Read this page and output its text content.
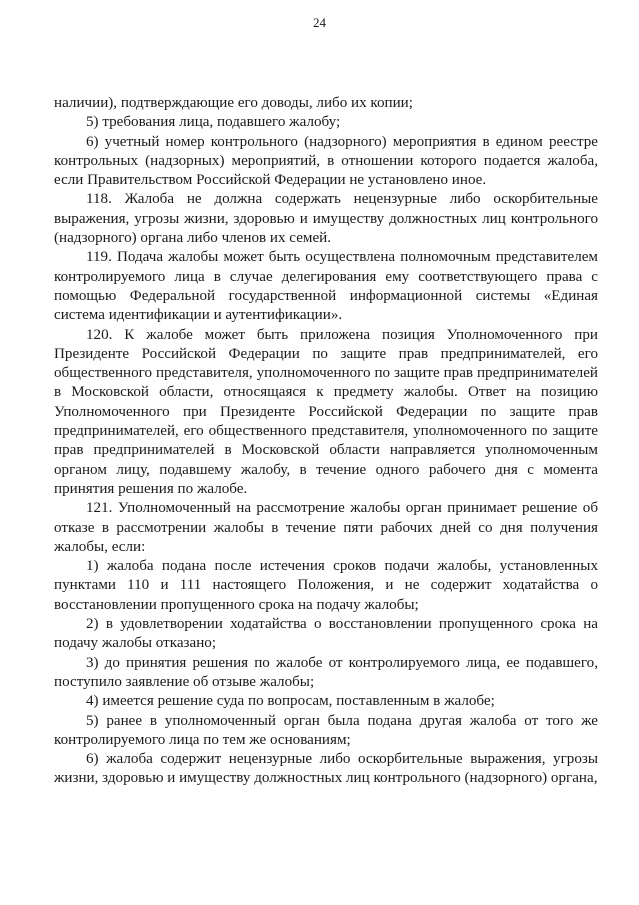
24

наличии), подтверждающие его доводы, либо их копии;

5) требования лица, подавшего жалобу;

6) учетный номер контрольного (надзорного) мероприятия в едином реестре контрольных (надзорных) мероприятий, в отношении которого подается жалоба, если Правительством Российской Федерации не установлено иное.

118. Жалоба не должна содержать нецензурные либо оскорбительные выражения, угрозы жизни, здоровью и имуществу должностных лиц контрольного (надзорного) органа либо членов их семей.

119. Подача жалобы может быть осуществлена полномочным представителем контролируемого лица в случае делегирования ему соответствующего права с помощью Федеральной государственной информационной системы «Единая система идентификации и аутентификации».

120. К жалобе может быть приложена позиция Уполномоченного при Президенте Российской Федерации по защите прав предпринимателей, его общественного представителя, уполномоченного по защите прав предпринимателей в Московской области, относящаяся к предмету жалобы. Ответ на позицию Уполномоченного при Президенте Российской Федерации по защите прав предпринимателей, его общественного представителя, уполномоченного по защите прав предпринимателей в Московской области направляется уполномоченным органом лицу, подавшему жалобу, в течение одного рабочего дня с момента принятия решения по жалобе.

121. Уполномоченный на рассмотрение жалобы орган принимает решение об отказе в рассмотрении жалобы в течение пяти рабочих дней со дня получения жалобы, если:

1) жалоба подана после истечения сроков подачи жалобы, установленных пунктами 110 и 111 настоящего Положения, и не содержит ходатайства о восстановлении пропущенного срока на подачу жалобы;

2) в удовлетворении ходатайства о восстановлении пропущенного срока на подачу жалобы отказано;

3) до принятия решения по жалобе от контролируемого лица, ее подавшего, поступило заявление об отзыве жалобы;

4) имеется решение суда по вопросам, поставленным в жалобе;

5) ранее в уполномоченный орган была подана другая жалоба от того же контролируемого лица по тем же основаниям;

6) жалоба содержит нецензурные либо оскорбительные выражения, угрозы жизни, здоровью и имуществу должностных лиц контрольного (надзорного) органа,
